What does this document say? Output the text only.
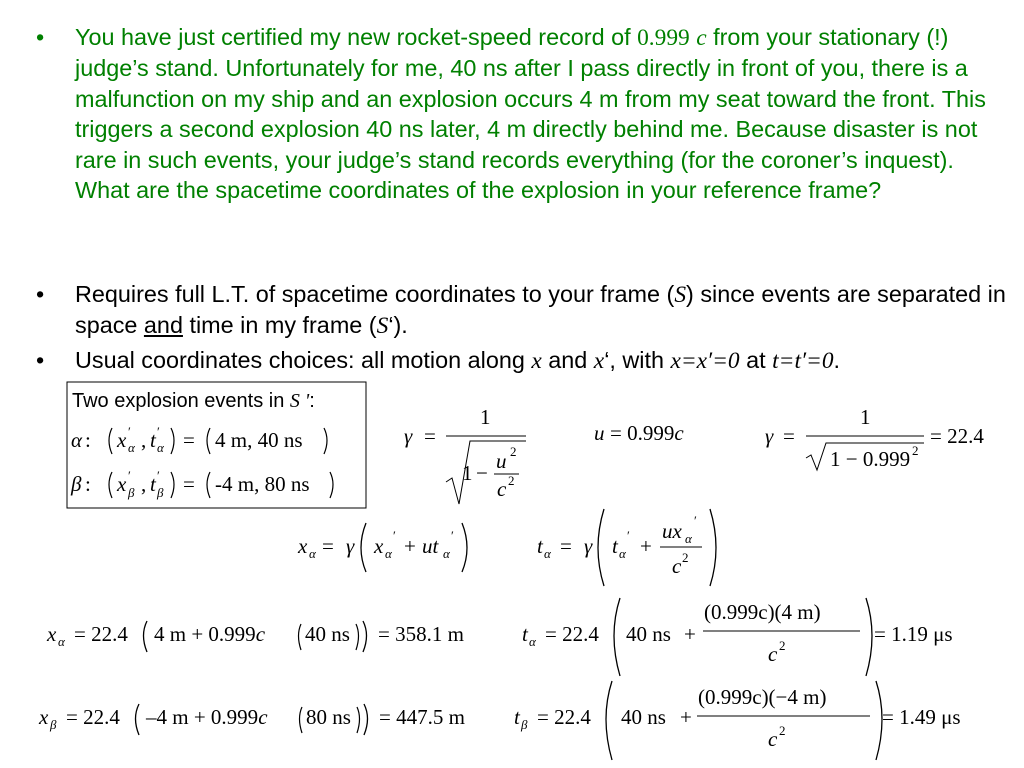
• You have just certified my new rocket-speed record of 0.999 c from your stationary (!) judge’s stand. Unfortunately for me, 40 ns after I pass directly in front of you, there is a malfunction on my ship and an explosion occurs 4 m from my seat toward the front. This triggers a second explosion 40 ns later, 4 m directly behind me. Because disaster is not rare in such events, your judge’s stand records everything (for the coroner’s inquest). What are the spacetime coordinates of the explosion in your reference frame?
• Requires full L.T. of spacetime coordinates to your frame (S) since events are separated in space and time in my frame (S‘).
• Usual coordinates choices: all motion along x and x‘, with x=x′=0 at t=t′=0.
Two explosion events in S ':
α : x ′
α , t ′
α = 4 m, 40 ns
β : x ′
β , t ′
β = -4 m, 80 ns
γ =
1
1 − u 2
c 2
u = 0.999c	γ =
1
1 − 0.999 2
= 22.4
x α = γ x α
′ + ut α
′	t α = γ t α
′ +
ux α
′
c 2
x α = 22.4 4 m + 0.999c 40 ns = 358.1 m	t α = 22.4 40 ns +
(0.999c)(4 m)
c 2	= 1.19 μs
x β = 22.4 –4 m + 0.999c 80 ns = 447.5 m t β = 22.4 40 ns +
(0.999c)(−4 m)
c 2
= 1.49 μs
